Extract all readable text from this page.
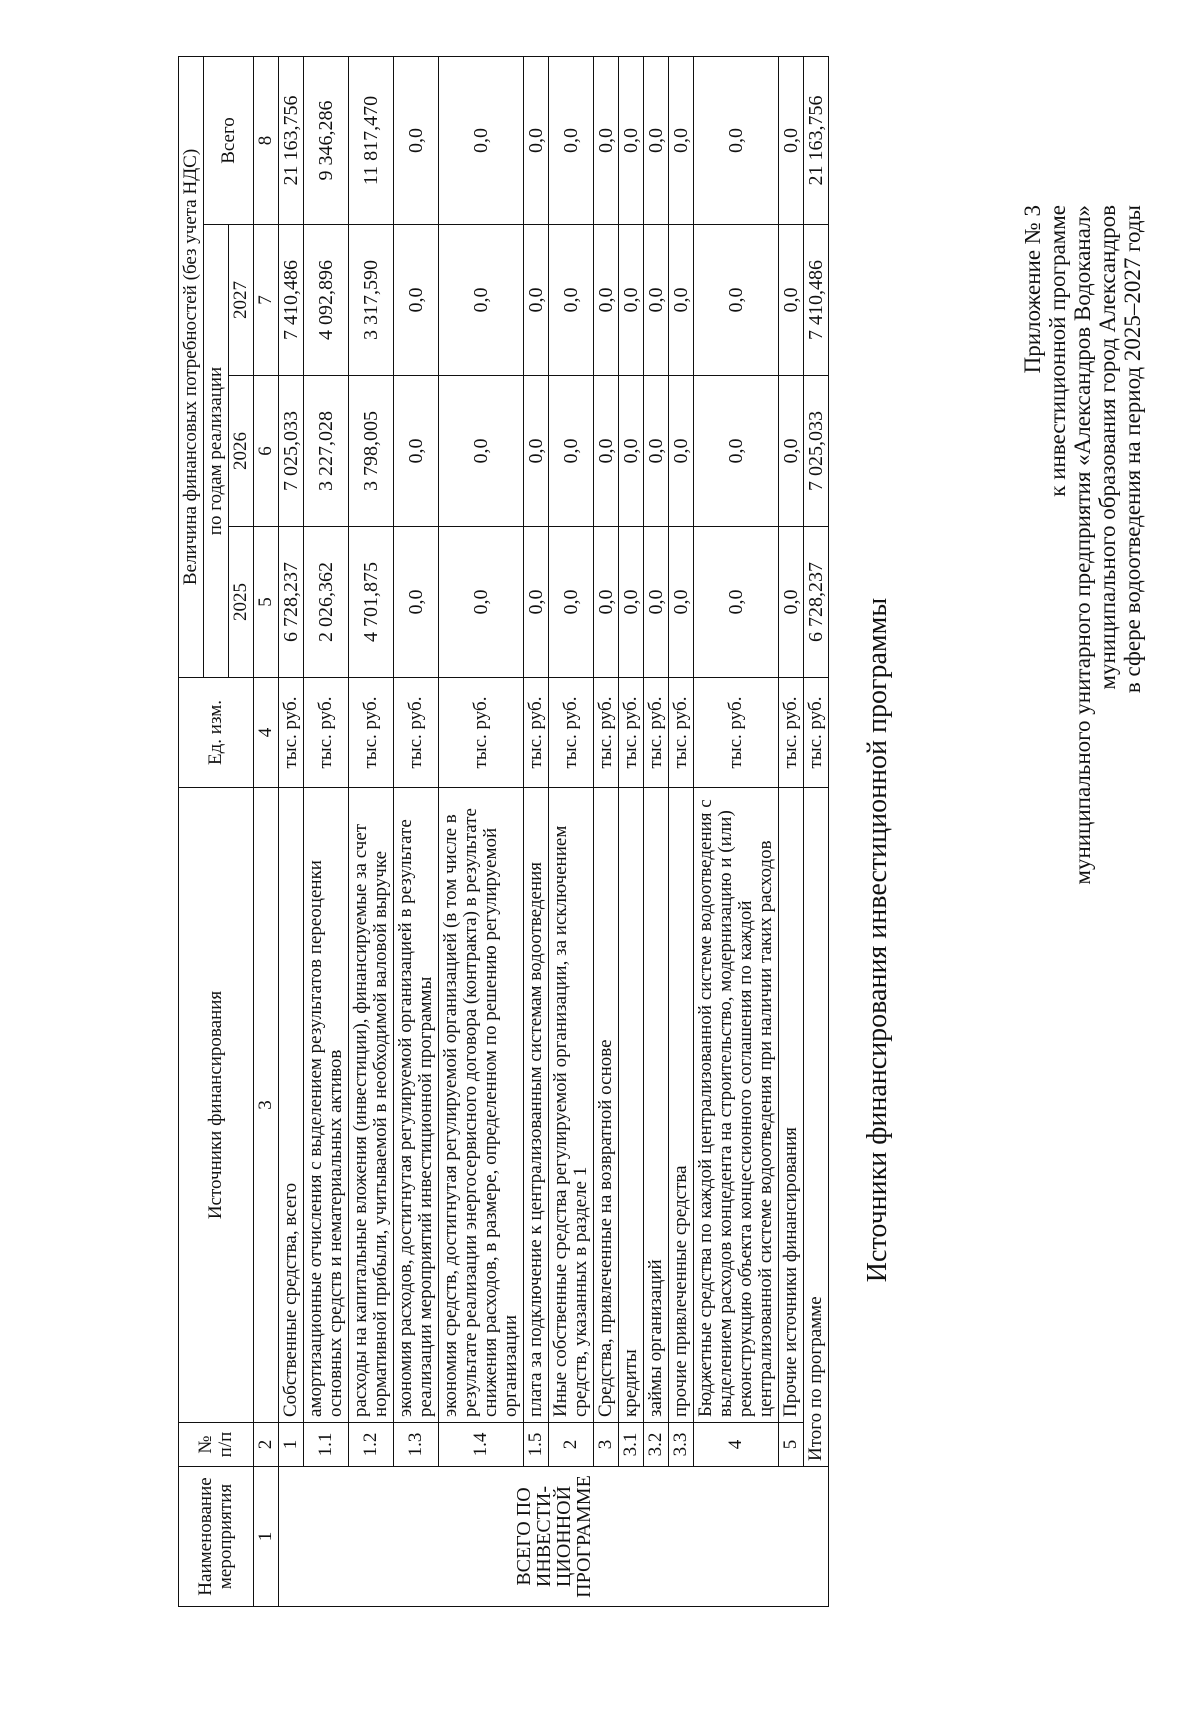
Приложение № 3 к инвестиционной программе муниципального унитарного предприятия «Александров Водоканал» муниципального образования город Александров в сфере водоотведения на период 2025–2027 годы
Источники финансирования инвестиционной программы
Наименование мероприятия	№ п/п	Источники финансирования	Ед. изм.	Величина финансовых потребностей (без учета НДС)			
				по годам реализации			Всего
				2025	2026	2027	
1	2	3	4	5	6	7	8
ВСЕГО ПО ИНВЕСТИ-ЦИОННОЙ ПРОГРАММЕ	1	Собственные средства, всего	тыс. руб.	6 728,237	7 025,033	7 410,486	21 163,756
	1.1	амортизационные отчисления с выделением результатов переоценки основных средств и нематериальных активов	тыс. руб.	2 026,362	3 227,028	4 092,896	9 346,286
	1.2	расходы на капитальные вложения (инвестиции), финансируемые за счет нормативной прибыли, учитываемой в необходимой валовой выручке	тыс. руб.	4 701,875	3 798,005	3 317,590	11 817,470
	1.3	экономия расходов, достигнутая регулируемой организацией в результате реализации мероприятий инвестиционной программы	тыс. руб.	0,0	0,0	0,0	0,0
	1.4	экономия средств, достигнутая регулируемой организацией (в том числе в результате реализации энергосервисного договора (контракта) в результате снижения расходов, в размере, определенном по решению регулируемой организации	тыс. руб.	0,0	0,0	0,0	0,0
	1.5	плата за подключение к централизованным системам водоотведения	тыс. руб.	0,0	0,0	0,0	0,0
	2	Иные собственные средства регулируемой организации, за исключением средств, указанных в разделе 1	тыс. руб.	0,0	0,0	0,0	0,0
	3	Средства, привлеченные на возвратной основе	тыс. руб.	0,0	0,0	0,0	0,0
	3.1	кредиты	тыс. руб.	0,0	0,0	0,0	0,0
	3.2	займы организаций	тыс. руб.	0,0	0,0	0,0	0,0
	3.3	прочие привлеченные средства	тыс. руб.	0,0	0,0	0,0	0,0
	4	Бюджетные средства по каждой централизованной системе водоотведения с выделением расходов концедента на строительство, модернизацию и (или) реконструкцию объекта концессионного соглашения по каждой централизованной системе водоотведения при наличии таких расходов	тыс. руб.	0,0	0,0	0,0	0,0
	5	Прочие источники финансирования	тыс. руб.	0,0	0,0	0,0	0,0
	Итого по программе		тыс. руб.	6 728,237	7 025,033	7 410,486	21 163,756
